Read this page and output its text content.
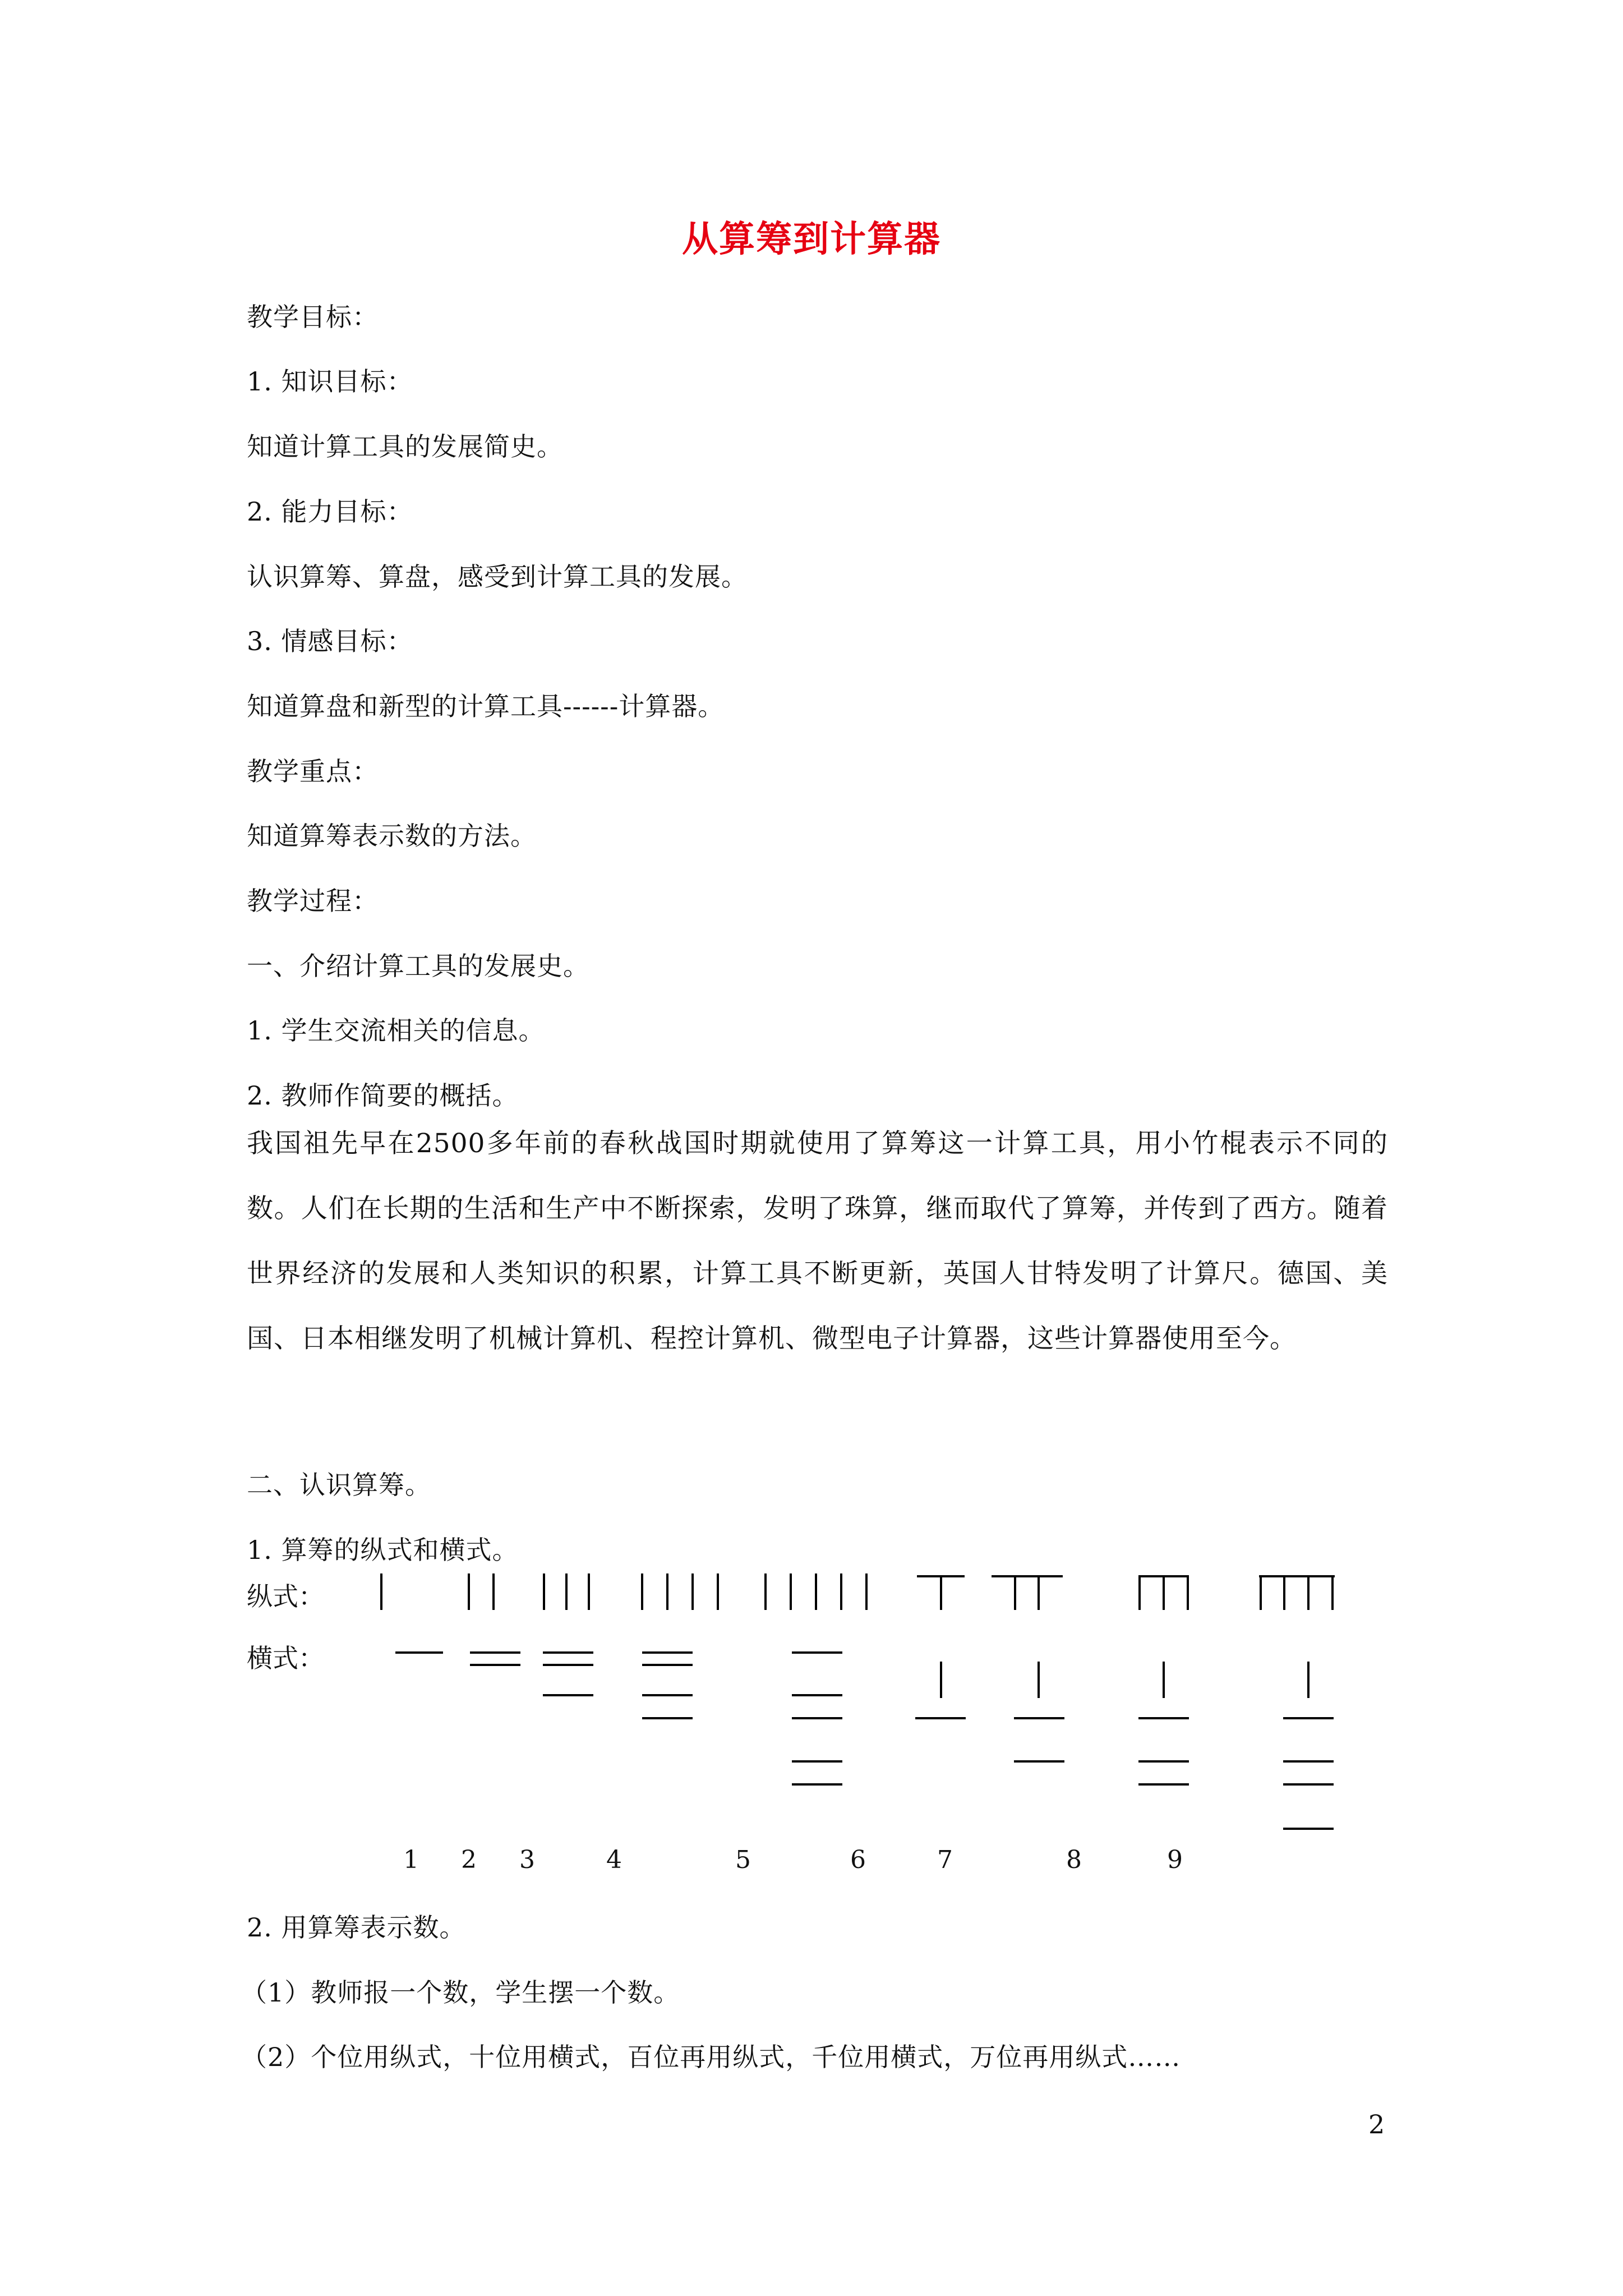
从算筹到计算器

教学目标：

1. 知识目标：

知道计算工具的发展简史。

2. 能力目标：

认识算筹、算盘，感受到计算工具的发展。

3. 情感目标：

知道算盘和新型的计算工具------计算器。

教学重点：

知道算筹表示数的方法。

教学过程：

一、介绍计算工具的发展史。

1. 学生交流相关的信息。

2. 教师作简要的概括。

我国祖先早在2500多年前的春秋战国时期就使用了算筹这一计算工具，用小竹棍表示不同的数。人们在长期的生活和生产中不断探索，发明了珠算，继而取代了算筹，并传到了西方。随着世界经济的发展和人类知识的积累，计算工具不断更新，英国人甘特发明了计算尺。德国、美国、日本相继发明了机械计算机、程控计算机、微型电子计算器，这些计算器使用至今。

二、认识算筹。

1. 算筹的纵式和横式。

纵式：

横式：

1 2 3	4	5	6	7	8	9

2. 用算筹表示数。

（1）教师报一个数，学生摆一个数。

（2）个位用纵式，十位用横式，百位再用纵式，千位用横式，万位再用纵式……

2
